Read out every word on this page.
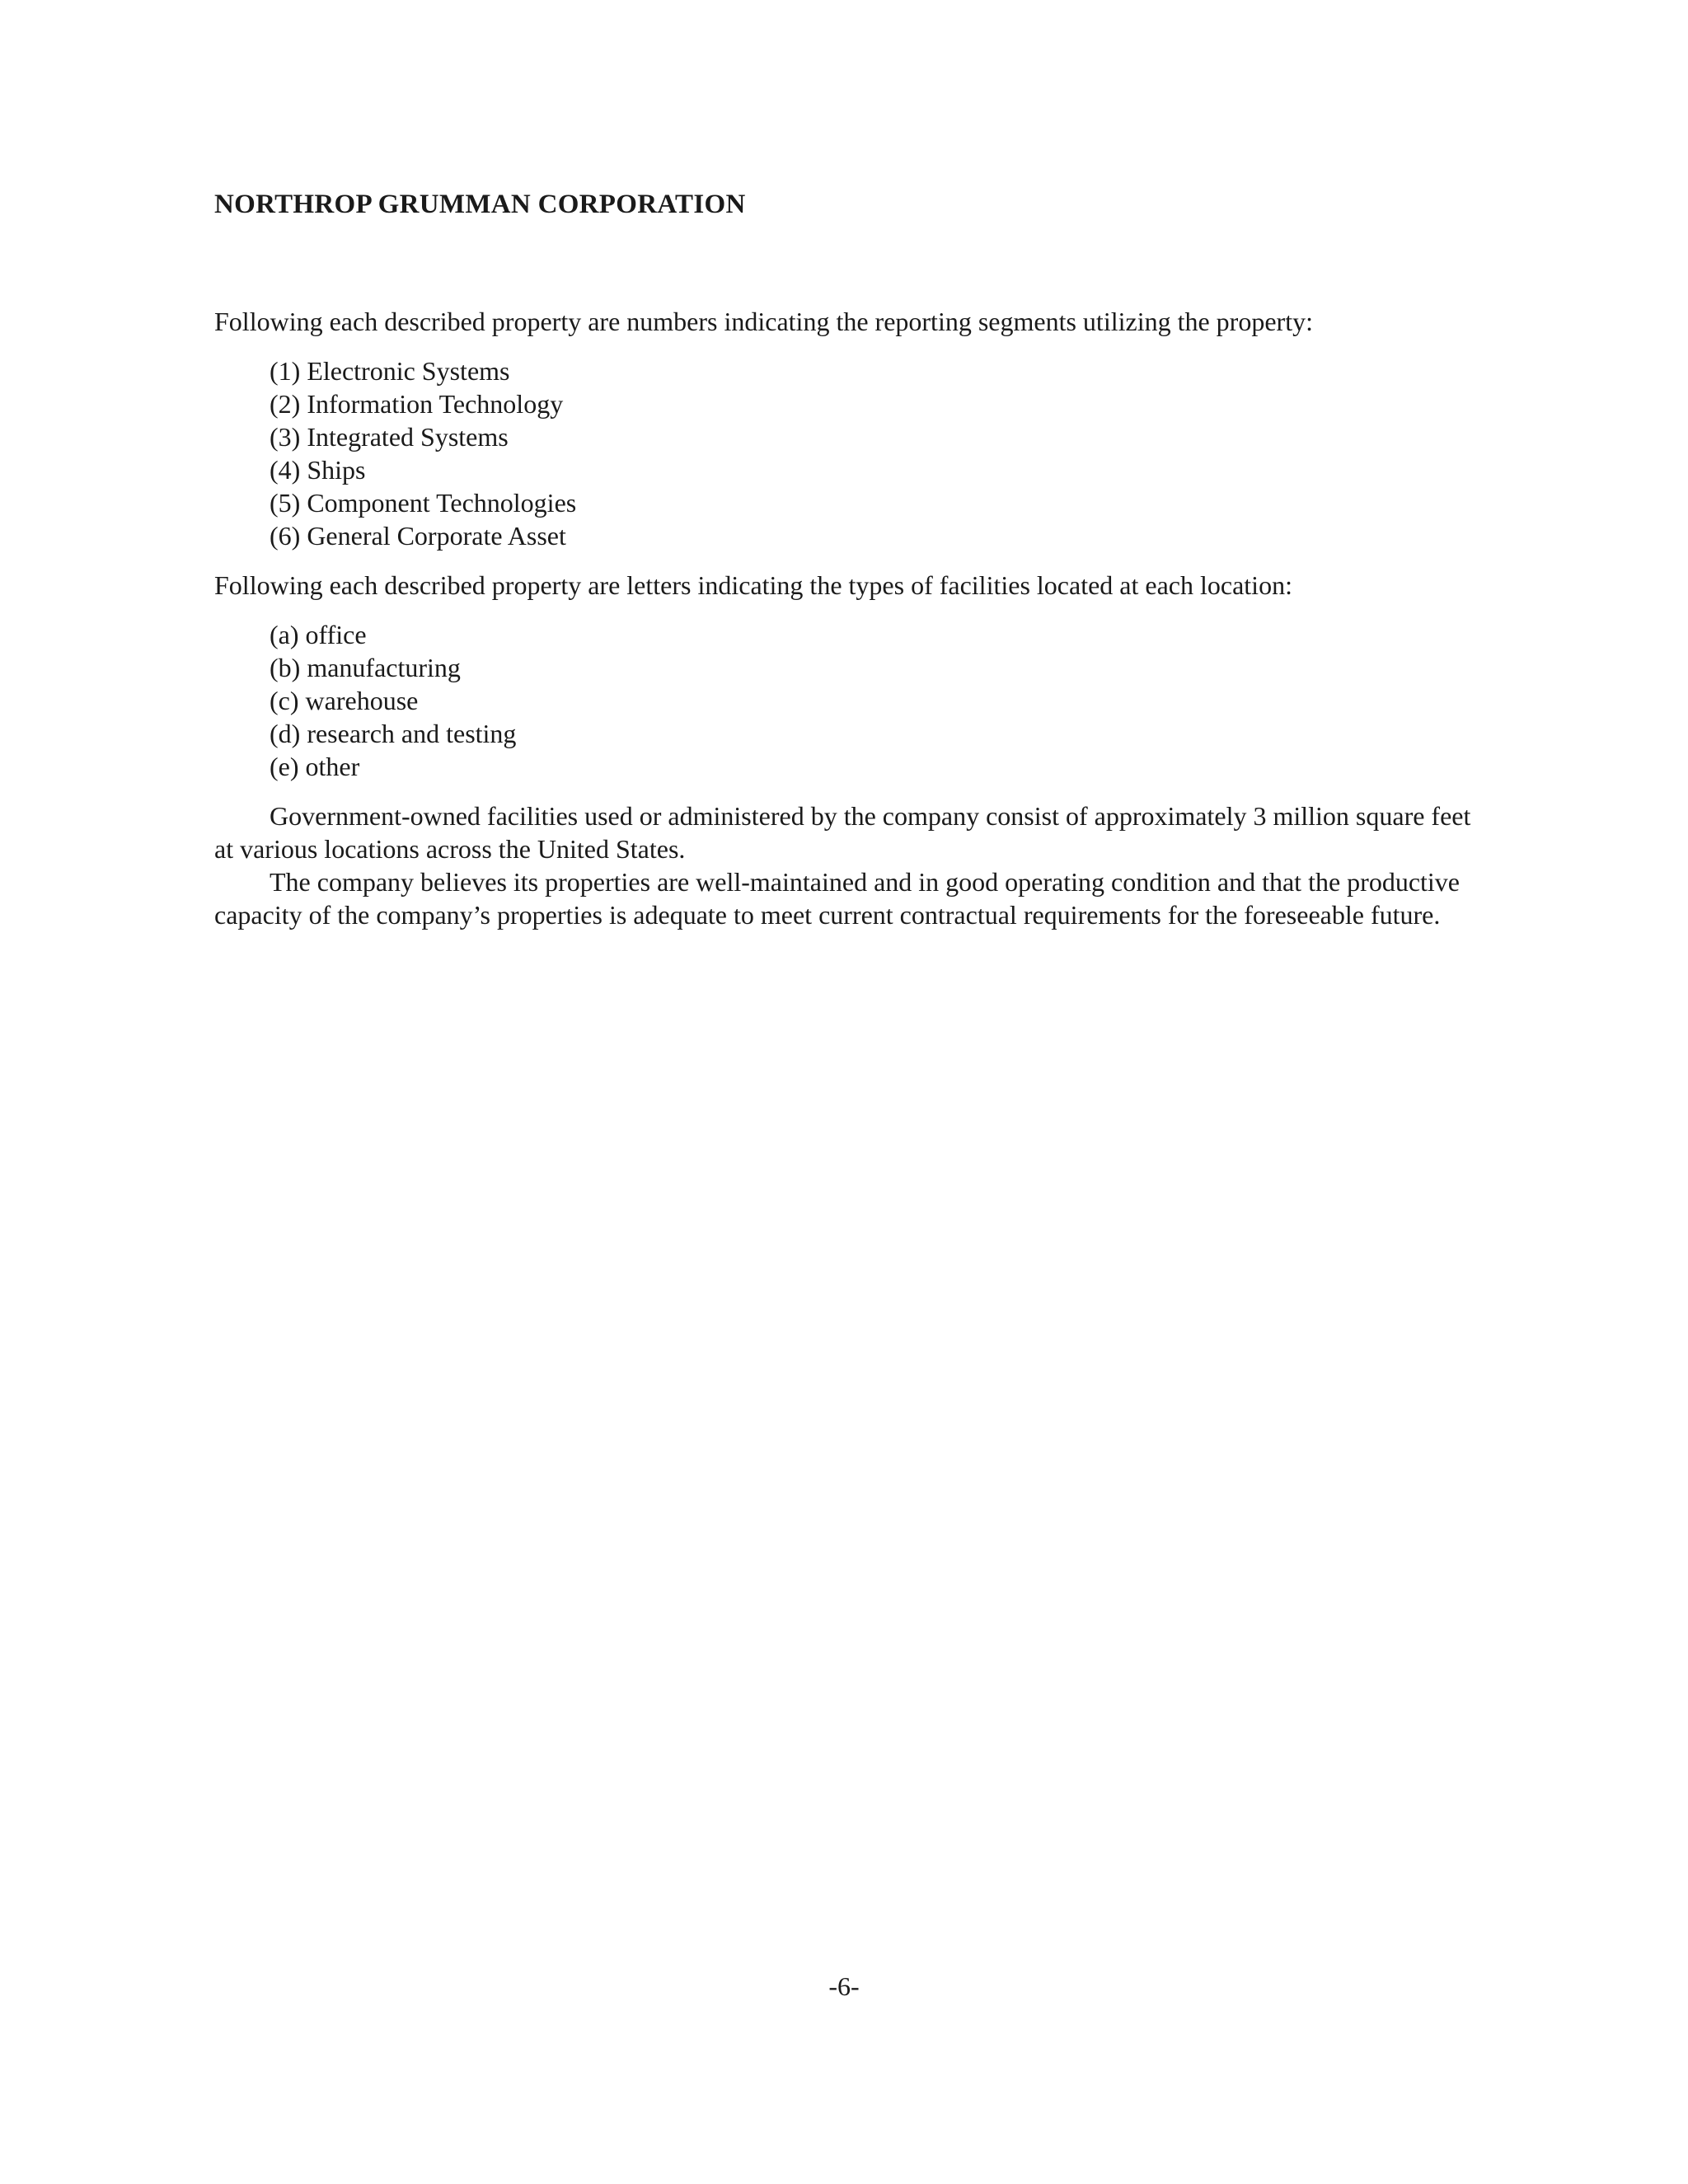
NORTHROP GRUMMAN CORPORATION

Following each described property are numbers indicating the reporting segments utilizing the property:

(1) Electronic Systems
(2) Information Technology
(3) Integrated Systems
(4) Ships
(5) Component Technologies
(6) General Corporate Asset

Following each described property are letters indicating the types of facilities located at each location:

(a) office
(b) manufacturing
(c) warehouse
(d) research and testing
(e) other

Government-owned facilities used or administered by the company consist of approximately 3 million square feet at various locations across the United States.

The company believes its properties are well-maintained and in good operating condition and that the productive capacity of the company’s properties is adequate to meet current contractual requirements for the foreseeable future.

-6-
